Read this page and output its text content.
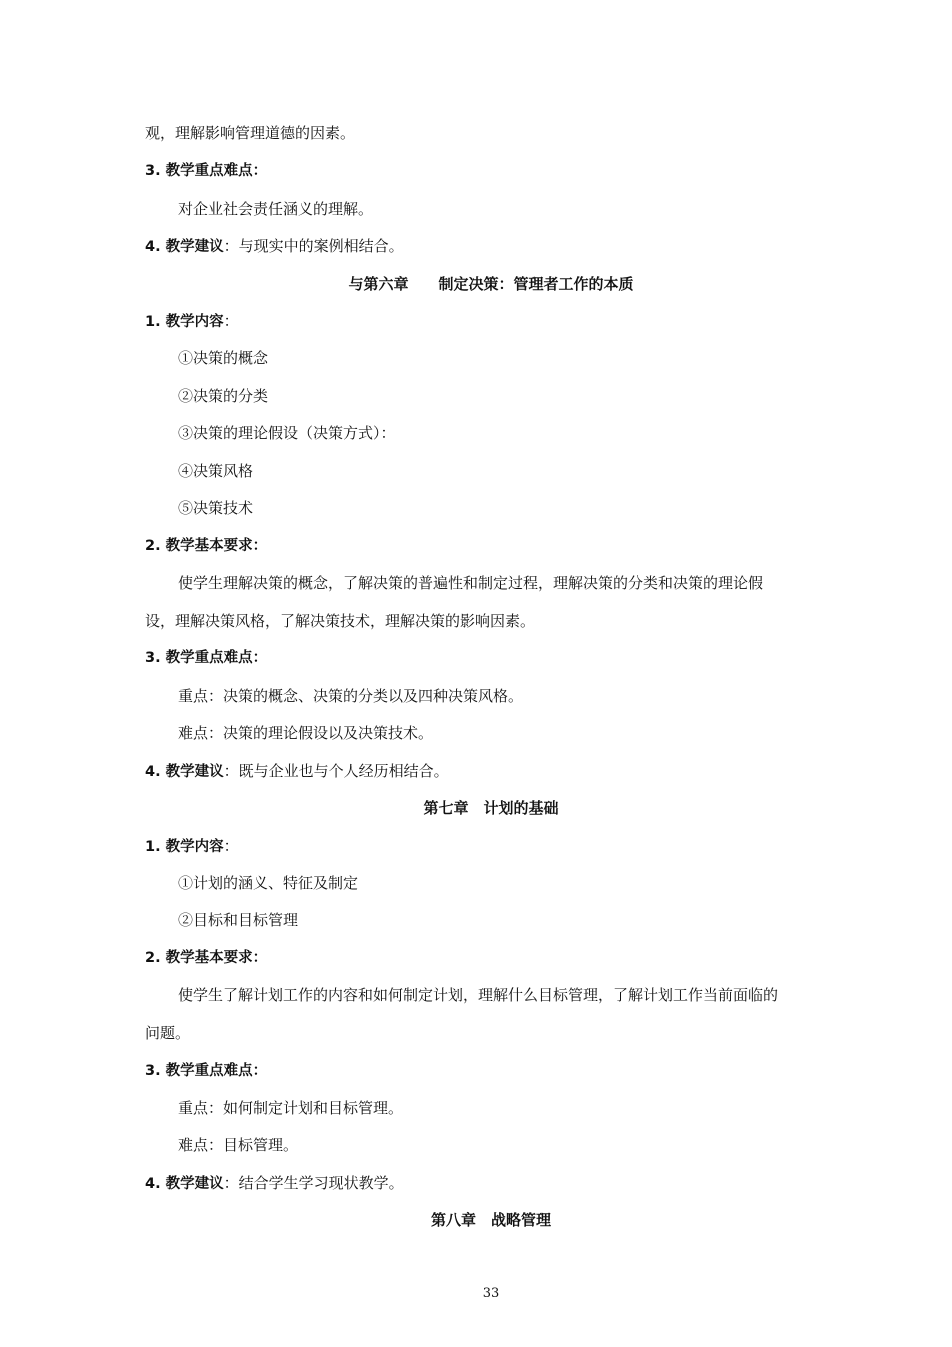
观，理解影响管理道德的因素。
3. 教学重点难点：
对企业社会责任涵义的理解。
4. 教学建议：与现实中的案例相结合。
与第六章　　制定决策：管理者工作的本质
1. 教学内容：
①决策的概念
②决策的分类
③决策的理论假设（决策方式）：
④决策风格
⑤决策技术
2. 教学基本要求：
使学生理解决策的概念，了解决策的普遍性和制定过程，理解决策的分类和决策的理论假
设，理解决策风格，了解决策技术，理解决策的影响因素。
3. 教学重点难点：
重点：决策的概念、决策的分类以及四种决策风格。
难点：决策的理论假设以及决策技术。
4. 教学建议：既与企业也与个人经历相结合。
第七章　计划的基础
1. 教学内容：
①计划的涵义、特征及制定
②目标和目标管理
2. 教学基本要求：
使学生了解计划工作的内容和如何制定计划，理解什么目标管理，了解计划工作当前面临的
问题。
3. 教学重点难点：
重点：如何制定计划和目标管理。
难点：目标管理。
4. 教学建议：结合学生学习现状教学。
第八章　战略管理
33
